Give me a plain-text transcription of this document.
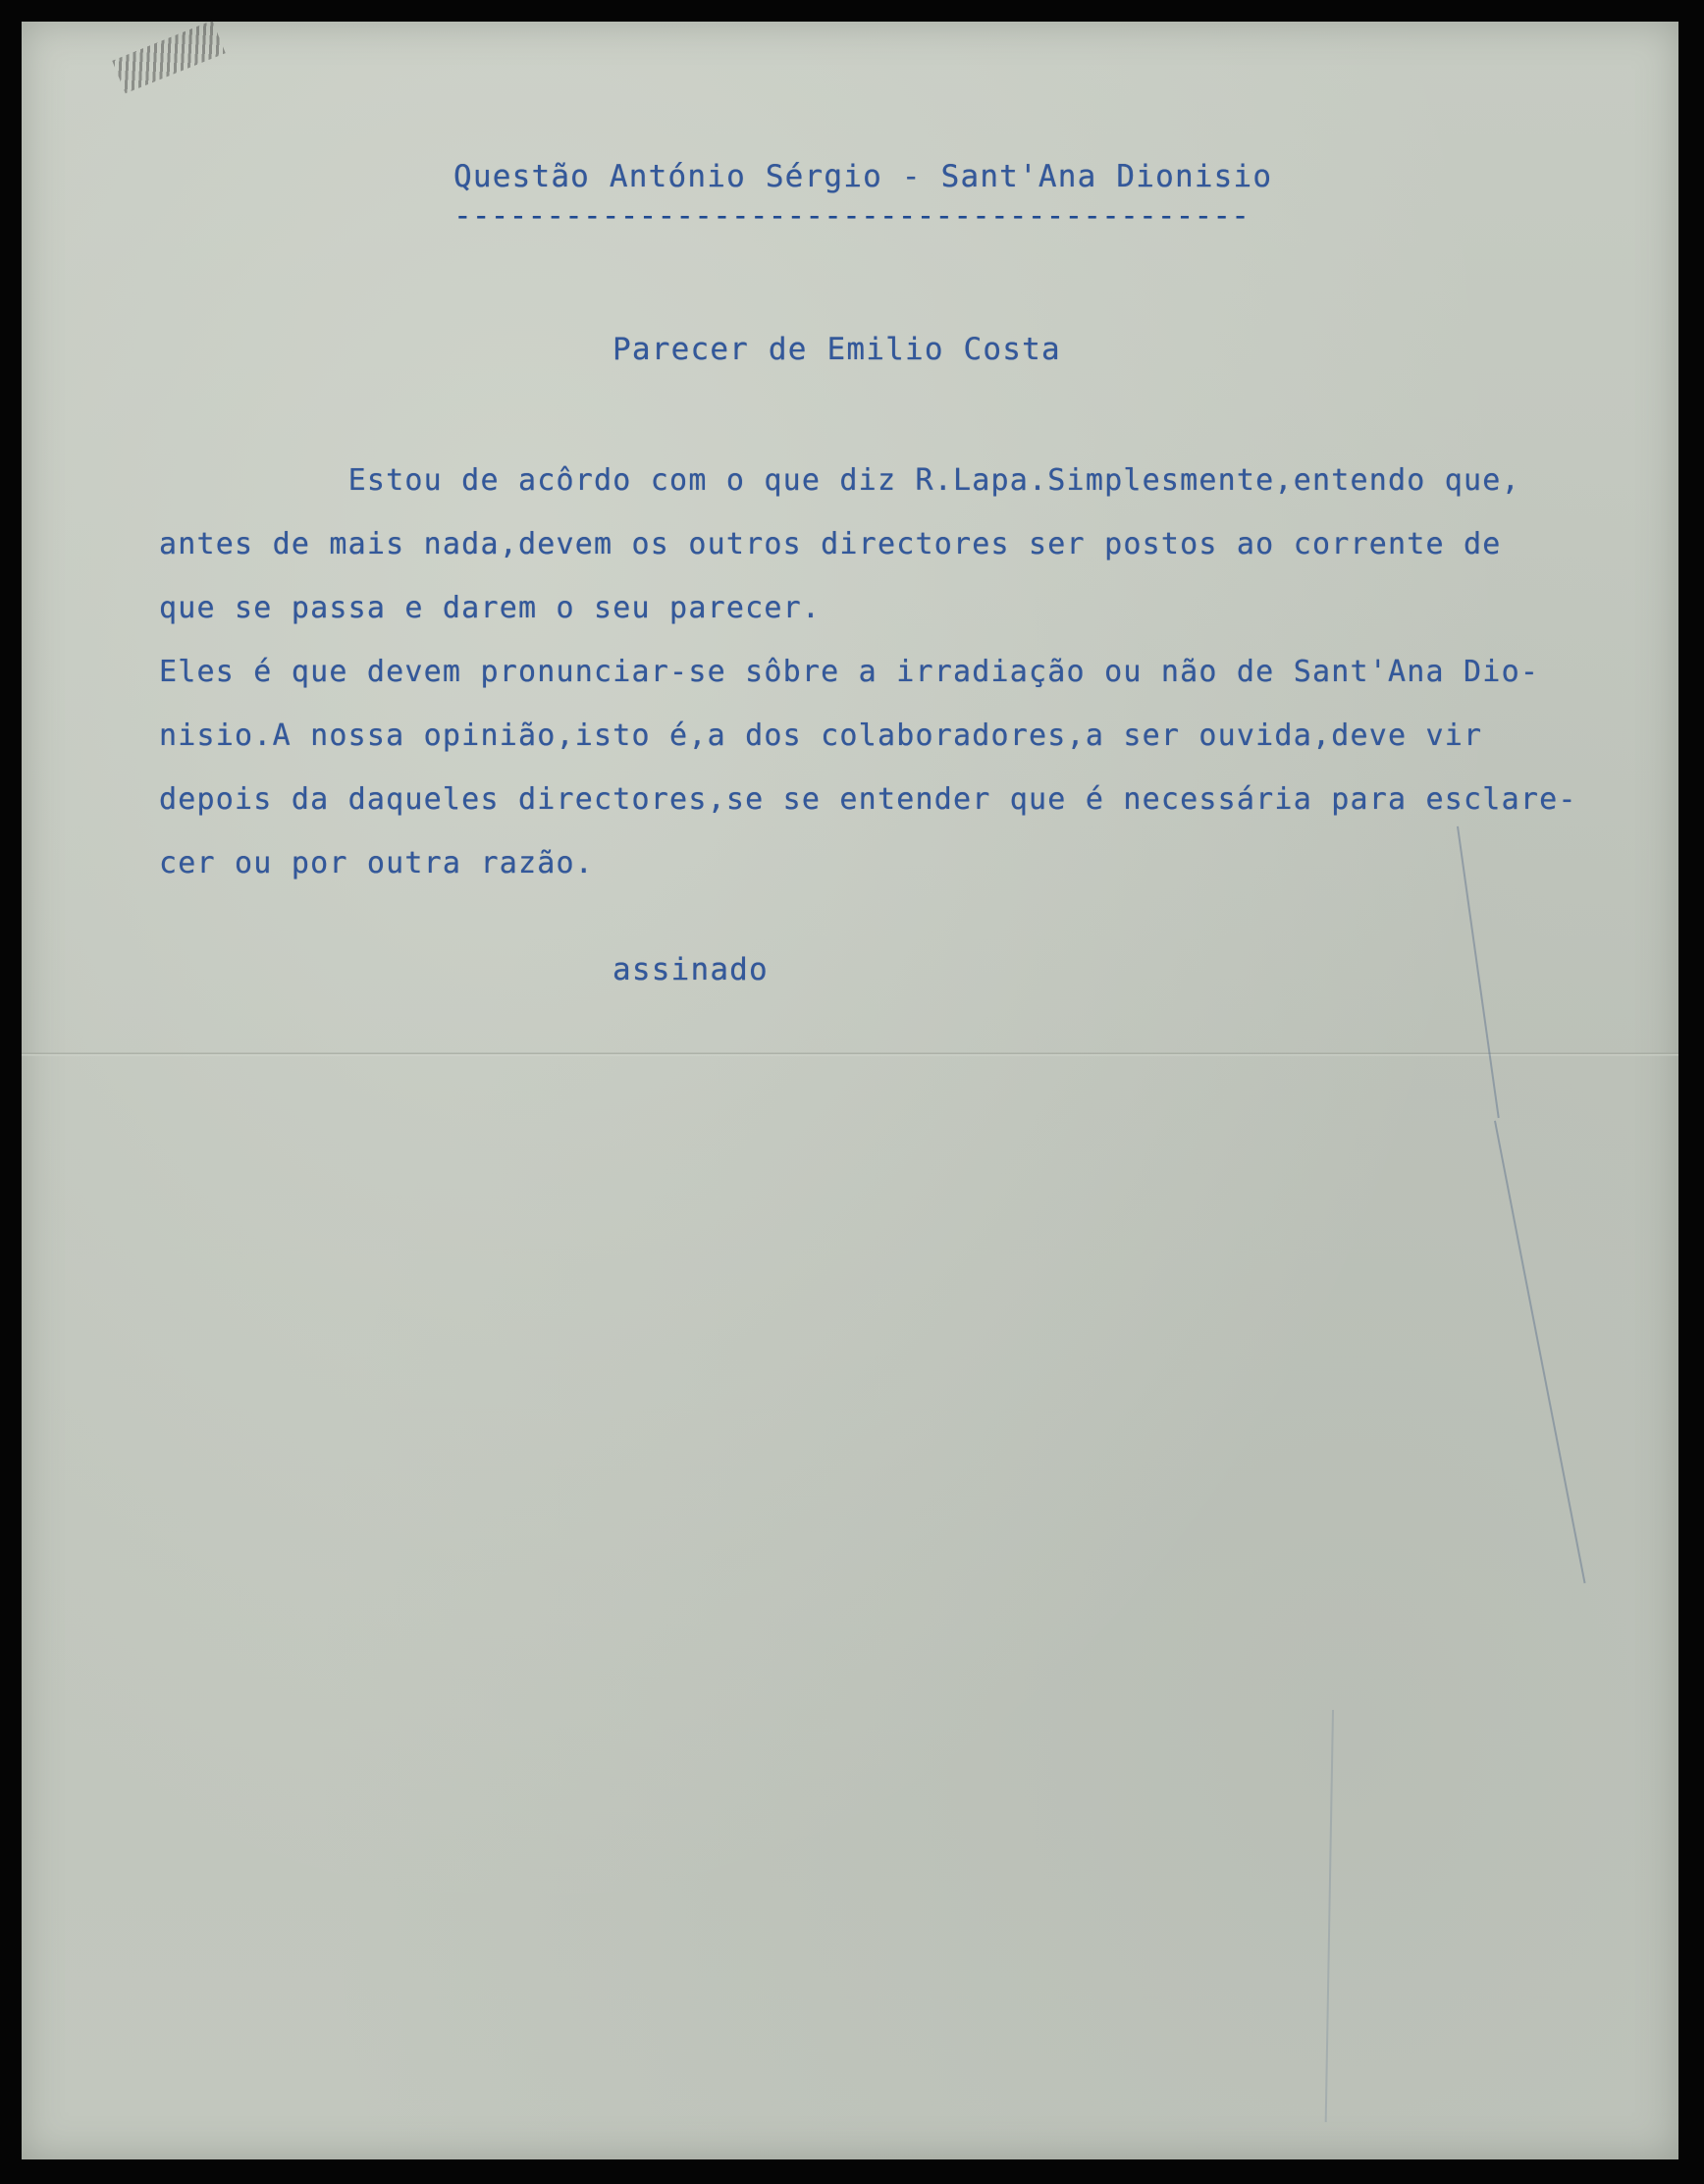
Questão António Sérgio - Sant'Ana Dionisio
-------------------------------------------
Parecer de Emilio Costa
Estou de acôrdo com o que diz R.Lapa.Simplesmente,entendo que,
antes de mais nada,devem os outros directores ser postos ao corrente de
que se passa e darem o seu parecer.
Eles é que devem pronunciar-se sôbre a irradiação ou não de Sant'Ana Dio-
nisio.A nossa opinião,isto é,a dos colaboradores,a ser ouvida,deve vir
depois da daqueles directores,se se entender que é necessária para esclare-
cer ou por outra razão.
assinado
